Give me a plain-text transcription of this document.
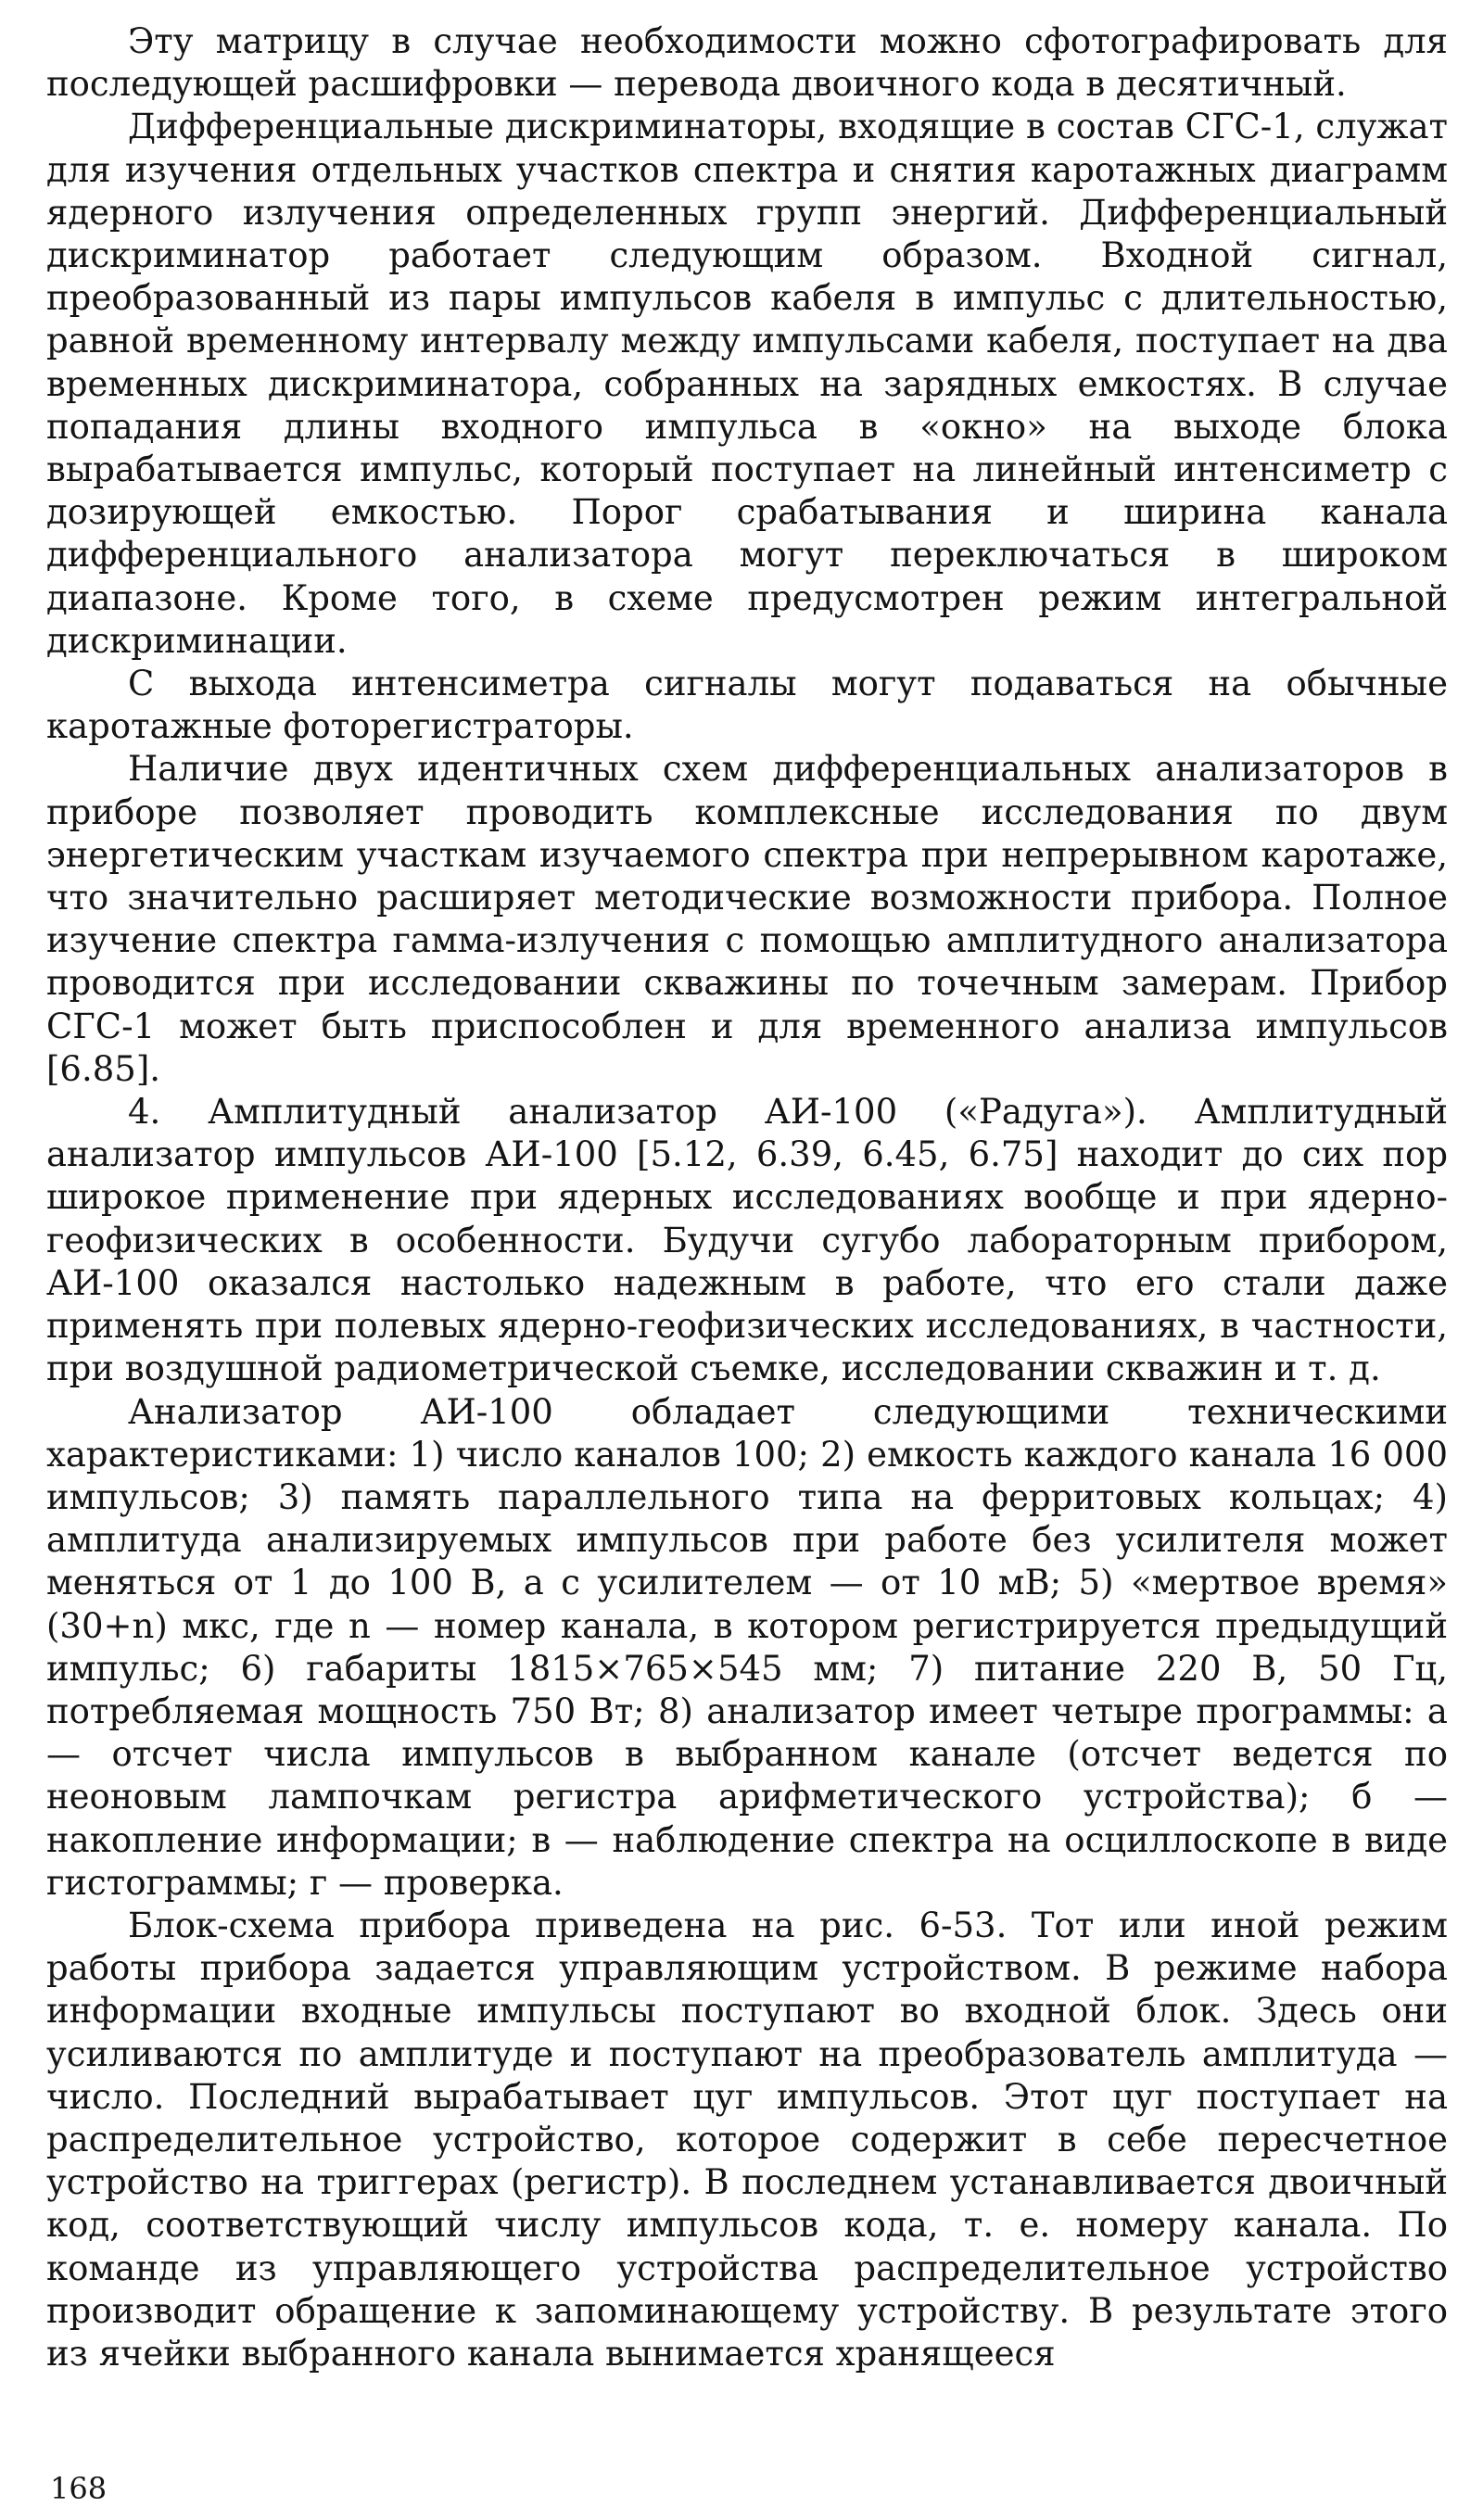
Эту матрицу в случае необходимости можно сфотографировать для последующей расшифровки — перевода двоичного кода в десятичный.

Дифференциальные дискриминаторы, входящие в состав СГС-1, служат для изучения отдельных участков спектра и снятия каротажных диаграмм ядерного излучения определенных групп энергий. Дифференциальный дискриминатор работает следующим образом. Входной сигнал, преобразованный из пары импульсов кабеля в импульс с длительностью, равной временному интервалу между импульсами кабеля, поступает на два временных дискриминатора, собранных на зарядных емкостях. В случае попадания длины входного импульса в «окно» на выходе блока вырабатывается импульс, который поступает на линейный интенсиметр с дозирующей емкостью. Порог срабатывания и ширина канала дифференциального анализатора могут переключаться в широком диапазоне. Кроме того, в схеме предусмотрен режим интегральной дискриминации.

С выхода интенсиметра сигналы могут подаваться на обычные каротажные фоторегистраторы.

Наличие двух идентичных схем дифференциальных анализаторов в приборе позволяет проводить комплексные исследования по двум энергетическим участкам изучаемого спектра при непрерывном каротаже, что значительно расширяет методические возможности прибора. Полное изучение спектра гамма-излучения с помощью амплитудного анализатора проводится при исследовании скважины по точечным замерам. Прибор СГС-1 может быть приспособлен и для временного анализа импульсов [6.85].

4. Амплитудный анализатор АИ-100 («Радуга»). Амплитудный анализатор импульсов АИ-100 [5.12, 6.39, 6.45, 6.75] находит до сих пор широкое применение при ядерных исследованиях вообще и при ядерно-геофизических в особенности. Будучи сугубо лабораторным прибором, АИ-100 оказался настолько надежным в работе, что его стали даже применять при полевых ядерно-геофизических исследованиях, в частности, при воздушной радиометрической съемке, исследовании скважин и т. д.

Анализатор АИ-100 обладает следующими техническими характеристиками: 1) число каналов 100; 2) емкость каждого канала 16 000 импульсов; 3) память параллельного типа на ферритовых кольцах; 4) амплитуда анализируемых импульсов при работе без усилителя может меняться от 1 до 100 В, а с усилителем — от 10 мВ; 5) «мертвое время» (30+n) мкс, где n — номер канала, в котором регистрируется предыдущий импульс; 6) габариты 1815×765×545 мм; 7) питание 220 В, 50 Гц, потребляемая мощность 750 Вт; 8) анализатор имеет четыре программы: а — отсчет числа импульсов в выбранном канале (отсчет ведется по неоновым лампочкам регистра арифметического устройства); б — накопление информации; в — наблюдение спектра на осциллоскопе в виде гистограммы; г — проверка.

Блок-схема прибора приведена на рис. 6-53. Тот или иной режим работы прибора задается управляющим устройством. В режиме набора информации входные импульсы поступают во входной блок. Здесь они усиливаются по амплитуде и поступают на преобразователь амплитуда — число. Последний вырабатывает цуг импульсов. Этот цуг поступает на распределительное устройство, которое содержит в себе пересчетное устройство на триггерах (регистр). В последнем устанавливается двоичный код, соответствующий числу импульсов кода, т. е. номеру канала. По команде из управляющего устройства распределительное устройство производит обращение к запоминающему устройству. В результате этого из ячейки выбранного канала вынимается хранящееся

168
